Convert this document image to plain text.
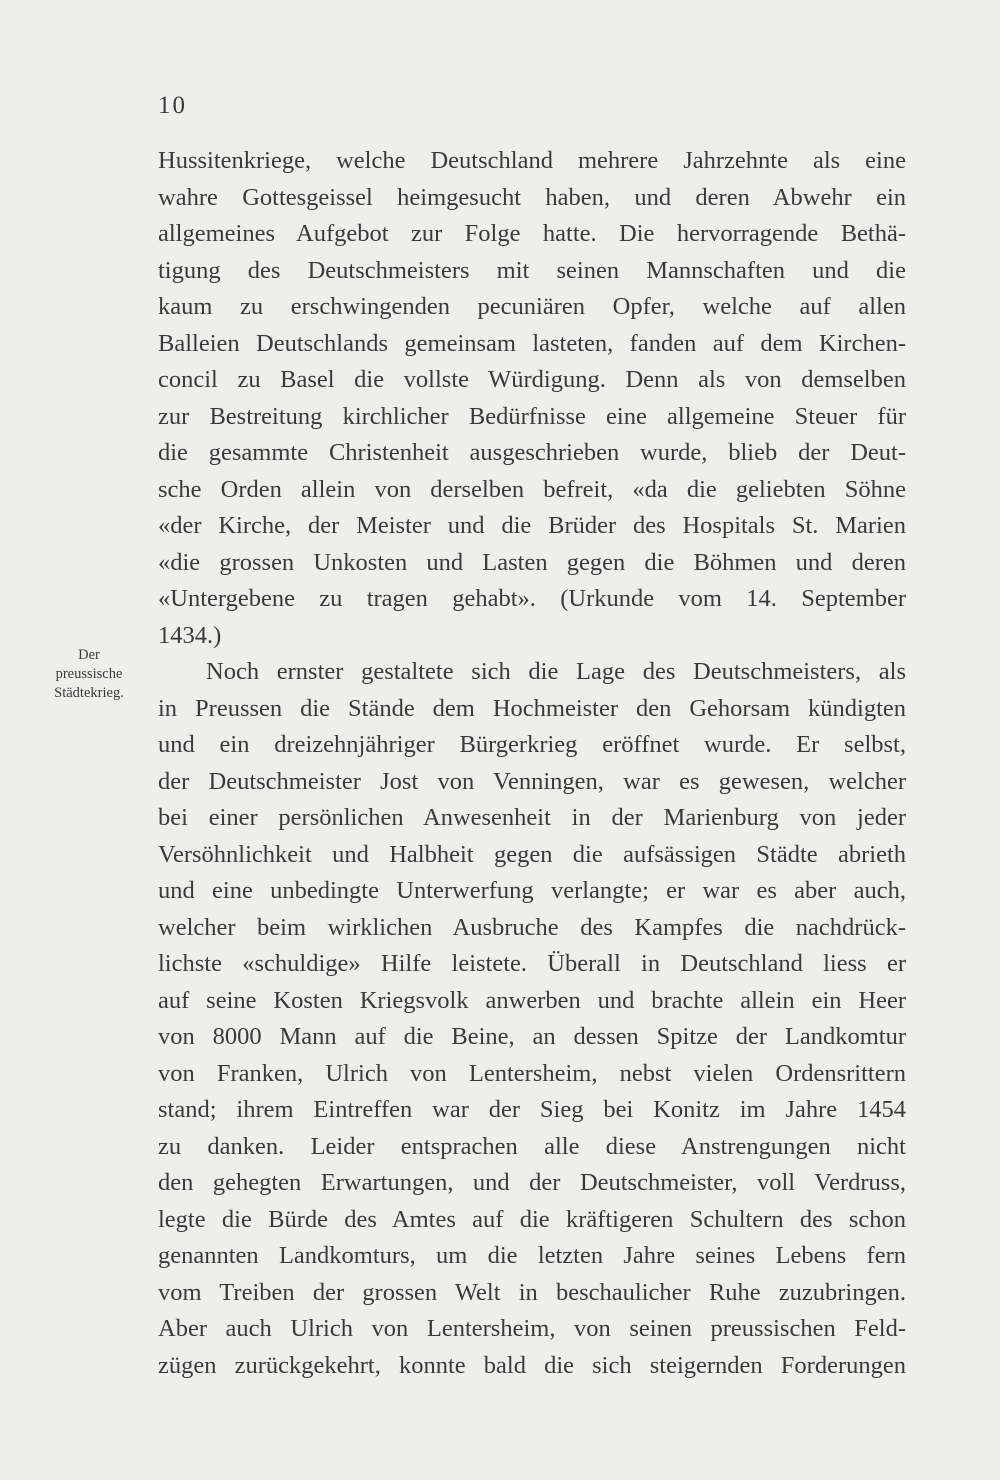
10
Der
preussische
Städtekrieg.
Hussitenkriege, welche Deutschland mehrere Jahrzehnte als eine
wahre Gottesgeissel heimgesucht haben, und deren Abwehr ein
allgemeines Aufgebot zur Folge hatte. Die hervorragende Bethä-
tigung des Deutschmeisters mit seinen Mannschaften und die
kaum zu erschwingenden pecuniären Opfer, welche auf allen
Balleien Deutschlands gemeinsam lasteten, fanden auf dem Kirchen-
concil zu Basel die vollste Würdigung. Denn als von demselben
zur Bestreitung kirchlicher Bedürfnisse eine allgemeine Steuer für
die gesammte Christenheit ausgeschrieben wurde, blieb der Deut-
sche Orden allein von derselben befreit, «da die geliebten Söhne
«der Kirche, der Meister und die Brüder des Hospitals St. Marien
«die grossen Unkosten und Lasten gegen die Böhmen und deren
«Untergebene zu tragen gehabt». (Urkunde vom 14. September
1434.)
Noch ernster gestaltete sich die Lage des Deutschmeisters, als
in Preussen die Stände dem Hochmeister den Gehorsam kündigten
und ein dreizehnjähriger Bürgerkrieg eröffnet wurde. Er selbst,
der Deutschmeister Jost von Venningen, war es gewesen, welcher
bei einer persönlichen Anwesenheit in der Marienburg von jeder
Versöhnlichkeit und Halbheit gegen die aufsässigen Städte abrieth
und eine unbedingte Unterwerfung verlangte; er war es aber auch,
welcher beim wirklichen Ausbruche des Kampfes die nachdrück-
lichste «schuldige» Hilfe leistete. Überall in Deutschland liess er
auf seine Kosten Kriegsvolk anwerben und brachte allein ein Heer
von 8000 Mann auf die Beine, an dessen Spitze der Landkomtur
von Franken, Ulrich von Lentersheim, nebst vielen Ordensrittern
stand; ihrem Eintreffen war der Sieg bei Konitz im Jahre 1454
zu danken. Leider entsprachen alle diese Anstrengungen nicht
den gehegten Erwartungen, und der Deutschmeister, voll Verdruss,
legte die Bürde des Amtes auf die kräftigeren Schultern des schon
genannten Landkomturs, um die letzten Jahre seines Lebens fern
vom Treiben der grossen Welt in beschaulicher Ruhe zuzubringen.
Aber auch Ulrich von Lentersheim, von seinen preussischen Feld-
zügen zurückgekehrt, konnte bald die sich steigernden Forderungen
